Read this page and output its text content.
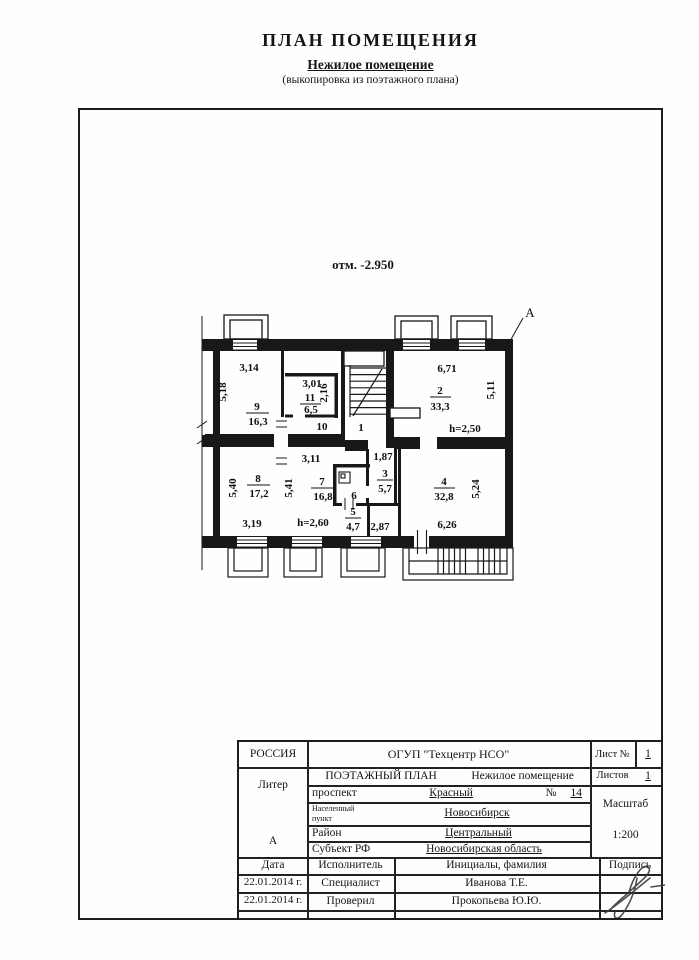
ПЛАН ПОМЕЩЕНИЯ
Нежилое помещение
(выкопировка из поэтажного плана)
отм. -2.950
А
3,14
5,18
9
16,3
3,01
11
6,5
2,16
10
6,71
2
33,3
5,11
h=2,50
1
1,87
3,11
5,40 8
17,2 5,41 7
16,8
3,19	h=2,60
6
3
5,7
5
4,7 2,87
4
32,8 5,24
6,26
РОССИЯ	ОГУП "Техцентр НСО"	Лист №	1
Литер
А
ПОЭТАЖНЫЙ ПЛАН	Нежилое помещение	Листов	1
проспект	Красный	№	14
Населенный пункт	Новосибирск
Район	Центральный
Субъект РФ	Новосибирская область
Масштаб
1:200
Дата	Исполнитель	Инициалы, фамилия	Подпись
22.01.2014 г.	Специалист	Иванова Т.Е.
22.01.2014 г.	Проверил	Прокопьева Ю.Ю.
